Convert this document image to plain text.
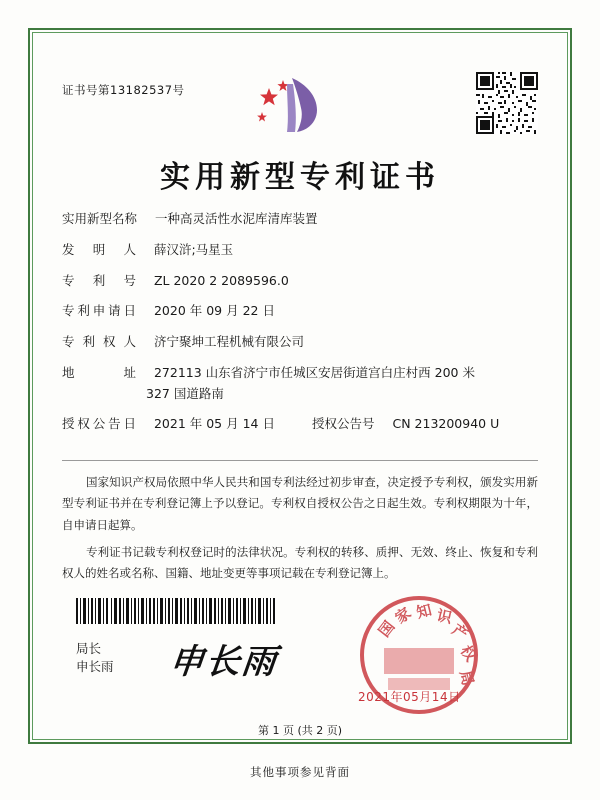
证书号第13182537号
实用新型专利证书
实用新型名称 一种高灵活性水泥库清库装置
发 明 人 薛汉浒;马星玉
专 利 号 ZL 2020 2 2089596.0
专利申请日 2020 年 09 月 22 日
专 利 权 人 济宁聚坤工程机械有限公司
地 址 272113 山东省济宁市任城区安居街道宫白庄村西 200 米
327 国道路南
授权公告日 2021 年 05 月 14 日	授权公告号 CN 213200940 U

国家知识产权局依照中华人民共和国专利法经过初步审查，决定授予专利权，颁发实用新型专利证书并在专利登记簿上予以登记。专利权自授权公告之日起生效。专利权期限为十年，自申请日起算。

专利证书记载专利权登记时的法律状况。专利权的转移、质押、无效、终止、恢复和专利权人的姓名或名称、国籍、地址变更等事项记载在专利登记簿上。

局长
申长雨 申长雨
国
家 知 识
产
权
局
2021年05月14日
第 1 页 (共 2 页)
其他事项参见背面
